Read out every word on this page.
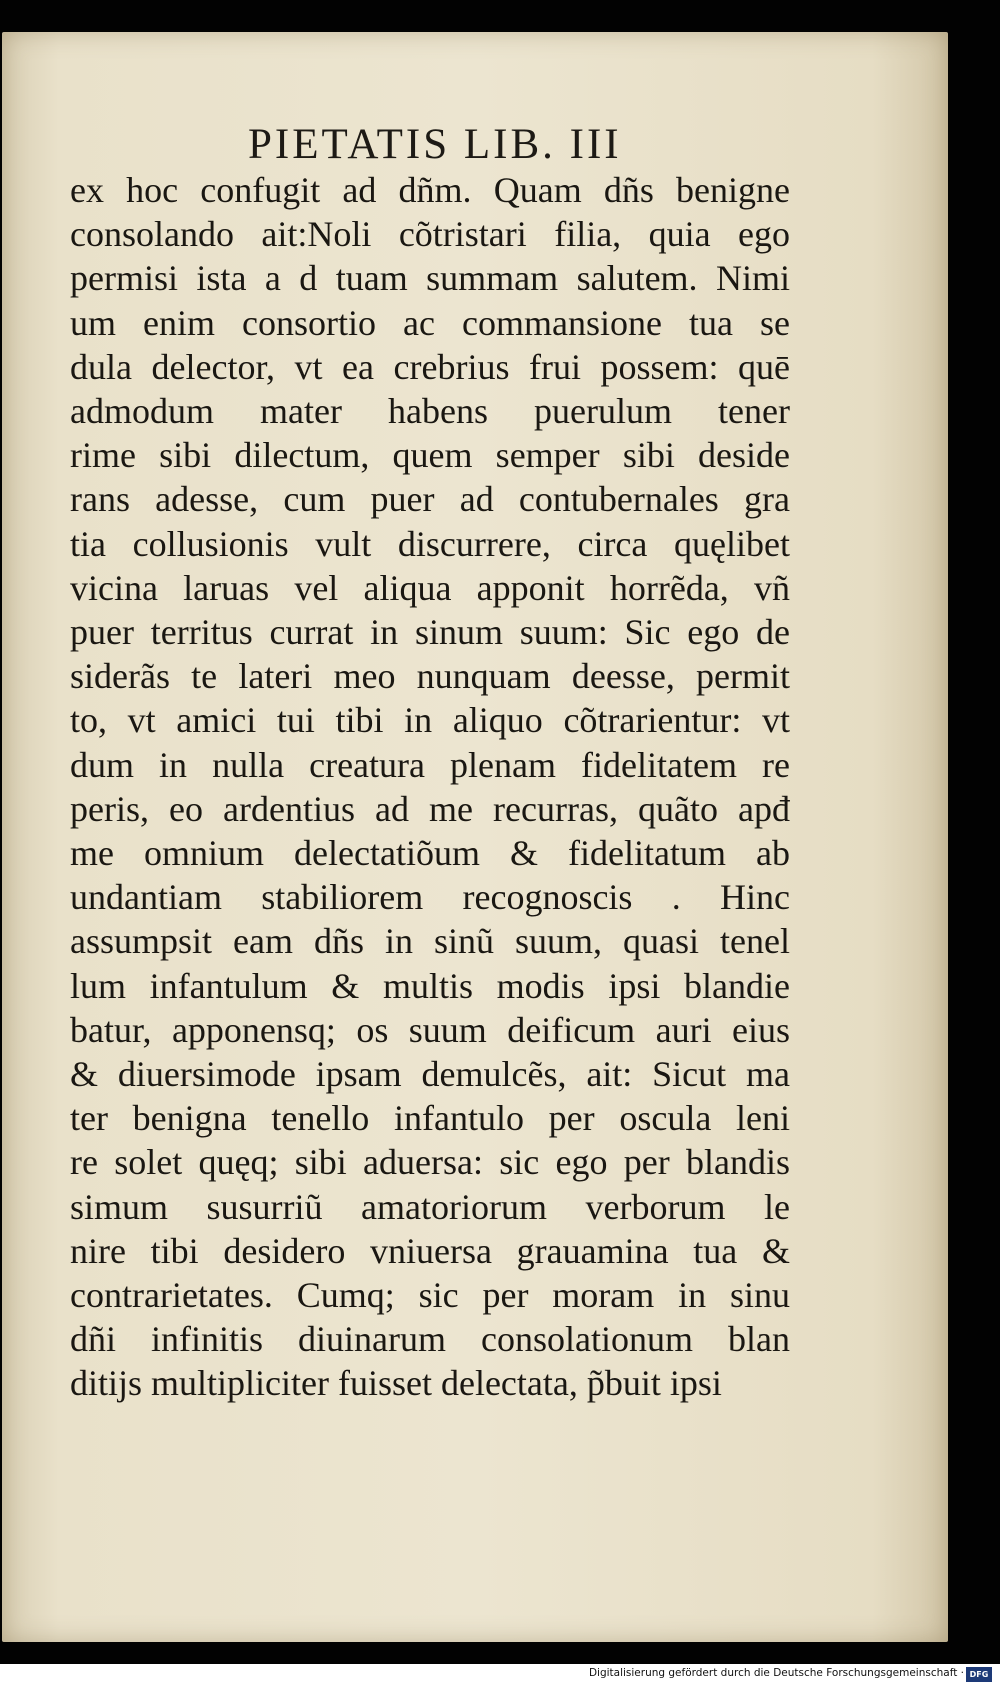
PIETATIS LIB. III
ex hoc confugit ad dñm. Quam dñs benigne
consolando ait:Noli cõtristari filia, quia ego
permisi ista a d tuam summam salutem. Nimi
um enim consortio ac commansione tua se
dula delector, vt ea crebrius frui possem: quē
admodum mater habens puerulum tener
rime sibi dilectum, quem semper sibi deside
rans adesse, cum puer ad contubernales gra
tia collusionis vult discurrere, circa quęlibet
vicina laruas vel aliqua apponit horrẽda, vñ
puer territus currat in sinum suum: Sic ego de
siderãs te lateri meo nunquam deesse, permit
to, vt amici tui tibi in aliquo cõtrarientur: vt
dum in nulla creatura plenam fidelitatem re
peris, eo ardentius ad me recurras, quãto apđ
me omnium delectatiõum & fidelitatum ab
undantiam stabiliorem recognoscis . Hinc
assumpsit eam dñs in sinũ suum, quasi tenel
lum infantulum & multis modis ipsi blandie
batur, apponensq; os suum deificum auri eius
& diuersimode ipsam demulcẽs, ait: Sicut ma
ter benigna tenello infantulo per oscula leni
re solet quęq; sibi aduersa: sic ego per blandis
simum susurriũ amatoriorum verborum le
nire tibi desidero vniuersa grauamina tua &
contrarietates. Cumq; sic per moram in sinu
dñi infinitis diuinarum consolationum blan
ditijs multipliciter fuisset delectata, p̃buit ipsi
Digitalisierung gefördert durch die Deutsche Forschungsgemeinschaft · DFG
